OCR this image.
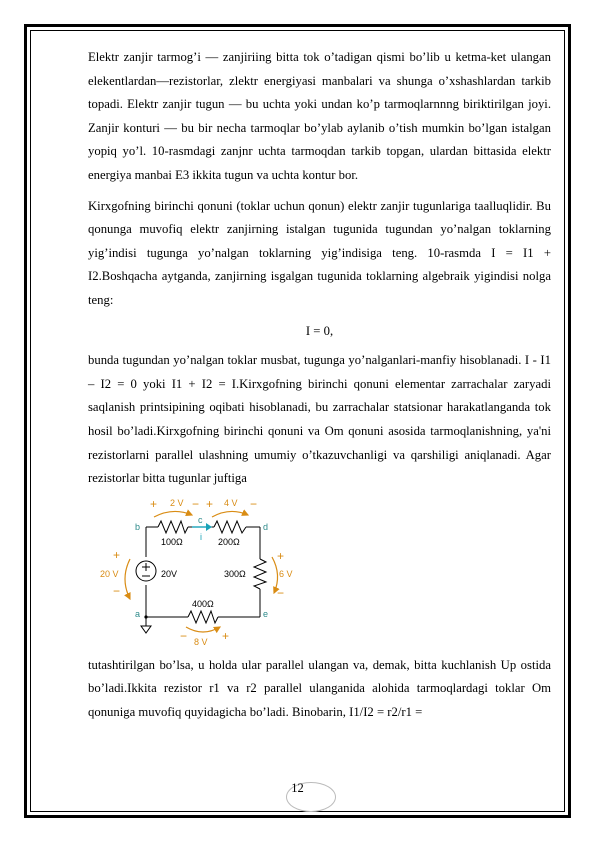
Elektr zanjir tarmog’i — zanjiriing bitta tok o’tadigan qismi bo’lib u ketma-ket ulangan elekentlardan—rezistorlar, zlektr energiyasi manbalari va shunga o’xshashlardan tarkib topadi. Elektr zanjir tugun — bu uchta yoki undan ko’p tarmoqlarnnng biriktirilgan joyi. Zanjir konturi — bu bir necha tarmoqlar bo’ylab aylanib o’tish mumkin bo’lgan istalgan yopiq yo’l. 10-rasmdagi zanjnr uchta tarmoqdan tarkib topgan, ulardan bittasida elektr energiya manbai E3 ikkita tugun va uchta kontur bor.

Kirxgofning birinchi qonuni (toklar uchun qonun) elektr zanjir tugunlariga taalluqlidir. Bu qonunga muvofiq elektr zanjirning istalgan tugunida tugundan yo’nalgan toklarning yig’indisi tugunga yo’nalgan toklarning yig’indisiga teng. 10-rasmda I = I1 + I2.Boshqacha aytganda, zanjirning isgalgan tugunida toklarning algebraik yigindisi nolga teng:

I = 0,

bunda tugundan yo’nalgan toklar musbat, tugunga yo’nalganlari-manfiy hisoblanadi. I - I1 – I2 = 0 yoki I1 + I2 = I.Kirxgofning birinchi qonuni elementar zarrachalar zaryadi saqlanish printsipining oqibati hisoblanadi, bu zarrachalar statsionar harakatlanganda tok hosil bo’ladi.Kirxgofning birinchi qonuni va Om qonuni asosida tarmoqlanishning, ya'ni rezistorlarni parallel ulashning umumiy o’tkazuvchanligi va qarshiligi aniqlanadi. Agar rezistorlar bitta tugunlar juftiga

b
c
d
a	e
i
100Ω	200Ω
300Ω
400Ω
20V
2 V	4 V
6 V
8 V
20 V
+	− +	−
+
−
−	+
+
−

tutashtirilgan bo’lsa, u holda ular parallel ulangan va, demak, bitta kuchlanish Up ostida bo’ladi.Ikkita rezistor r1 va r2 parallel ulanganida alohida tarmoqlardagi toklar Om qonuniga muvofiq quyidagicha bo’ladi. Binobarin, I1/I2 = r2/r1 =

12
